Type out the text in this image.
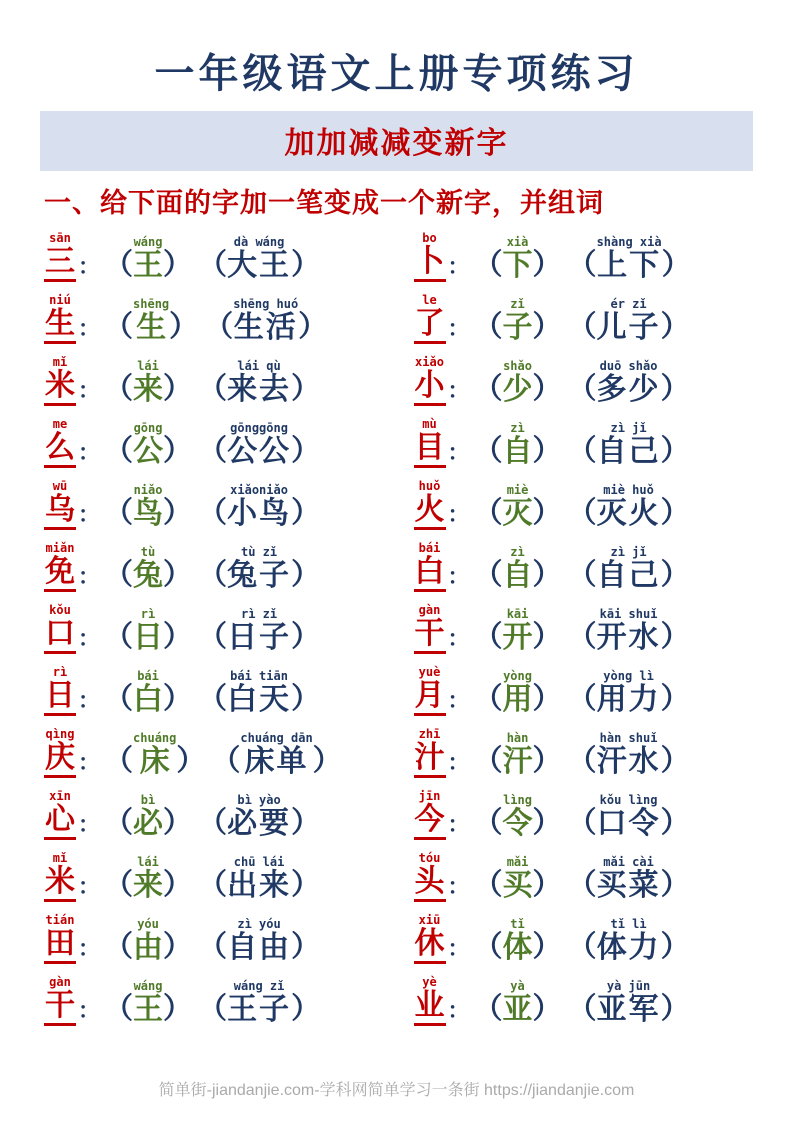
一年级语文上册专项练习
加加减减变新字
一、给下面的字加一笔变成一个新字，并组词
sān
三 ： （
wáng
王 ） （
dà wáng
大王 ）
bo
卜 ： （
xià
下 ） （
shàng xià
上下 ）
niú
生 ： （
shēng
生 ） （
shēng huó
生活 ）
le
了 ： （
zǐ
子 ） （
ér zǐ
儿子 ）
mǐ
米 ： （
lái
来 ） （
lái qù
来去 ）
xiǎo
小 ： （
shǎo
少 ） （
duō shǎo
多少 ）
me
么 ： （
gōng
公 ） （
gōnggōng
公公 ）
mù
目 ： （
zì
自 ） （
zì jǐ
自己 ）
wū
乌 ： （
niǎo
鸟 ） （
xiǎoniǎo
小鸟 ）
huǒ
火 ： （
miè
灭 ） （
miè huǒ
灭火 ）
miǎn
免 ： （
tù
兔 ） （
tù zǐ
兔子 ）
bái
白 ： （
zì
自 ） （
zì jǐ
自己 ）
kǒu
口 ： （
rì
日 ） （
rì zǐ
日子 ）
gàn
干 ： （
kāi
开 ） （
kāi shuǐ
开水 ）
rì
日 ： （
bái
白 ） （
bái tiān
白天 ）
yuè
月 ： （
yòng
用 ） （
yòng lì
用力 ）
qìng
庆 ： （
chuáng
床 ） （
chuáng dān
床单 ）
zhī
汁 ： （
hàn
汗 ） （
hàn shuǐ
汗水 ）
xīn
心 ： （
bì
必 ） （
bì yào
必要 ）
jīn
今 ： （
lìng
令 ） （
kǒu lìng
口令 ）
mǐ
米 ： （
lái
来 ） （
chū lái
出来 ）
tóu
头 ： （
mǎi
买 ） （
mǎi cài
买菜 ）
tián
田 ： （
yóu
由 ） （
zì yóu
自由 ）
xiū
休 ： （
tǐ
体 ） （
tǐ lì
体力 ）
gàn
干 ： （
wáng
王 ） （
wáng zǐ
王子 ）
yè
业 ： （
yà
亚 ） （
yà jūn
亚军 ）
简单街-jiandanjie.com-学科网简单学习一条街 https://jiandanjie.com
